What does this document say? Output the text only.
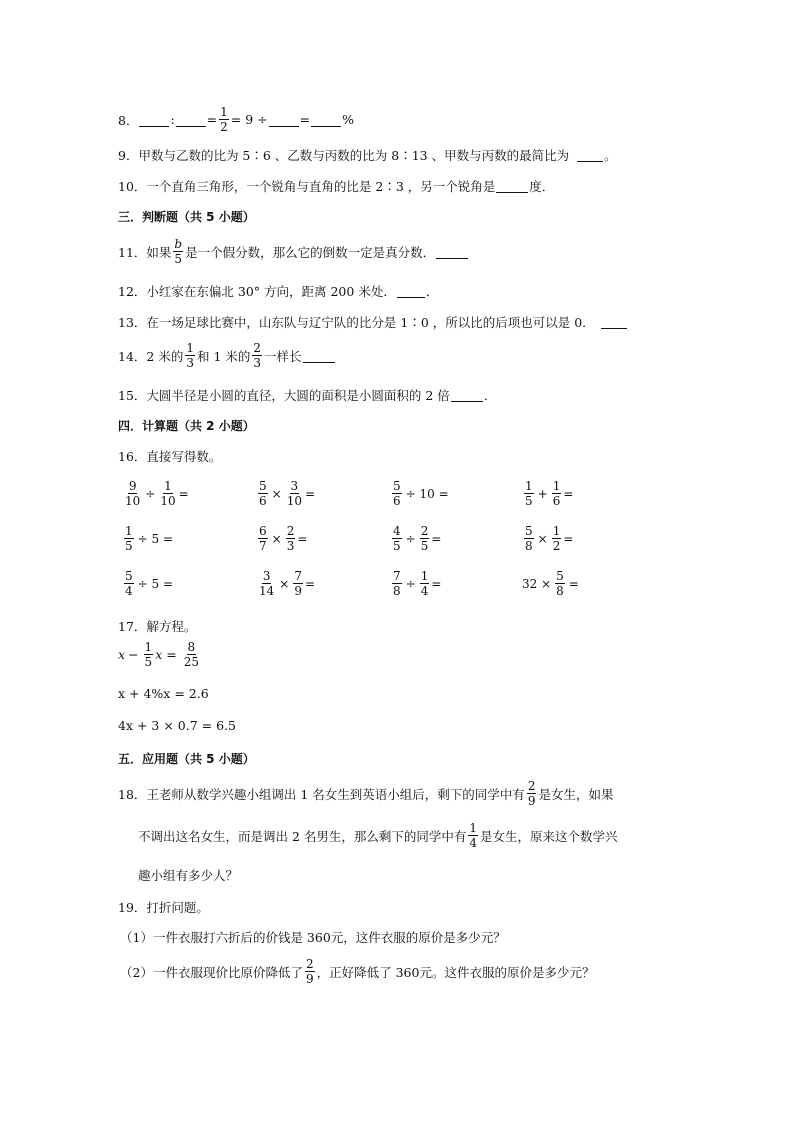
8．	:	= $\frac{1}{2} = 9$ ÷	=	%
9．甲数与乙数的比为 5∶6 、乙数与丙数的比为 8∶13 、甲数与丙数的最简比为	。
10．一个直角三角形，一个锐角与直角的比是 2∶3 ，另一个锐角是	度．
三．判断题（共 5 小题）
11．如果 $\frac{b}{5}$ 是一个假分数，那么它的倒数一定是真分数．
12．小红家在东偏北 30° 方向，距离 200 米处． ．
13．在一场足球比赛中，山东队与辽宁队的比分是 1∶0 ，所以比的后项也可以是 0．
14．2 米的 $\frac{1}{3}$ 和 1 米的 $\frac{2}{3}$ 一样长
15．大圆半径是小圆的直径，大圆的面积是小圆面积的 2 倍	．
四．计算题（共 2 小题）
16．直接写得数。
$\frac{9}{10} \div \frac{1}{10}$ =	$\frac{5}{6} \times \frac{3}{10}$ =	$\frac{5}{6} \div 10$ =	$\frac{1}{5} + \frac{1}{6}$ =
$\frac{1}{5} \div 5$ =	$\frac{6}{7} \times \frac{2}{3}$ =	$\frac{4}{5} \div \frac{2}{5}$ =	$\frac{5}{8} \times \frac{1}{2}$ =
$\frac{5}{4} \div 5$ =	$\frac{3}{14} \times \frac{7}{9}$ =	$\frac{7}{8} \div \frac{1}{4}$ =	$32 \times \frac{5}{8}$ =
17．解方程。
$x - \frac{1}{5}$ $x = \frac{8}{25}$
x + 4%x = 2.6
4x + 3 × 0.7 = 6.5
五．应用题（共 5 小题）
18．王老师从数学兴趣小组调出 1 名女生到英语小组后，剩下的同学中有 $\frac{2}{9}$ 是女生，如果
不调出这名女生，而是调出 2 名男生，那么剩下的同学中有 $\frac{1}{4}$ 是女生，原来这个数学兴
趣小组有多少人？
19．打折问题。
（1）一件衣服打六折后的价钱是 360元，这件衣服的原价是多少元？
（2）一件衣服现价比原价降低了 $\frac{2}{9}$ ，正好降低了 360元。这件衣服的原价是多少元？
